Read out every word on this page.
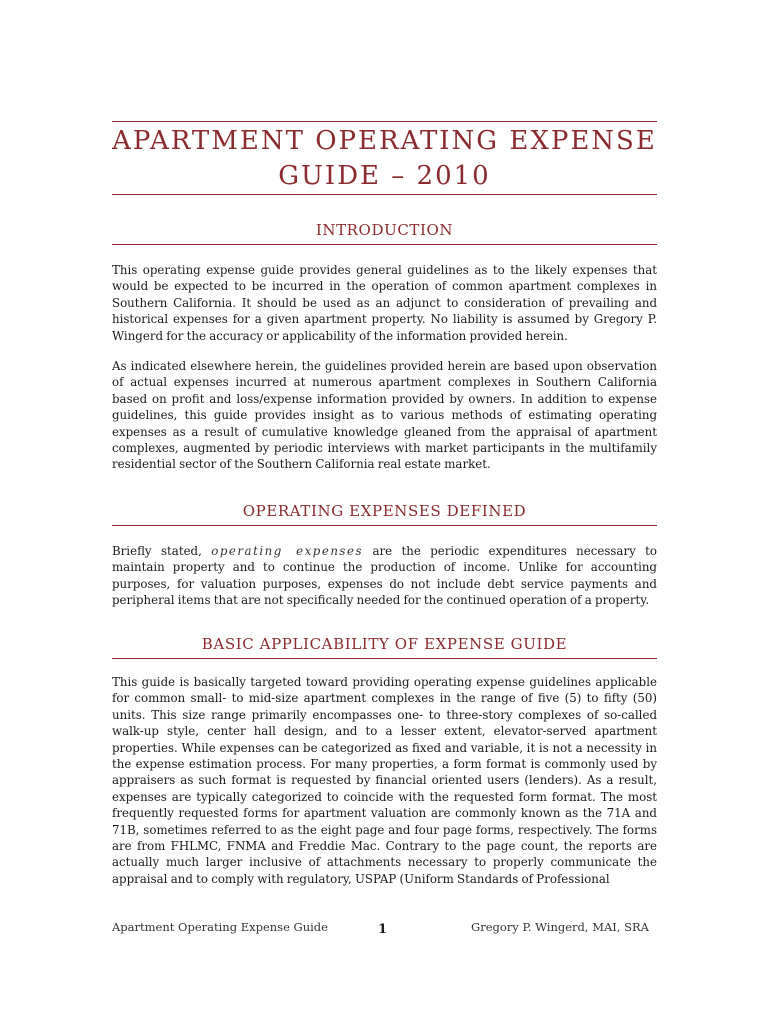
APARTMENT OPERATING EXPENSE GUIDE – 2010
INTRODUCTION

This operating expense guide provides general guidelines as to the likely expenses that would be expected to be incurred in the operation of common apartment complexes in Southern California. It should be used as an adjunct to consideration of prevailing and historical expenses for a given apartment property. No liability is assumed by Gregory P. Wingerd for the accuracy or applicability of the information provided herein.

As indicated elsewhere herein, the guidelines provided herein are based upon observation of actual expenses incurred at numerous apartment complexes in Southern California based on profit and loss/expense information provided by owners. In addition to expense guidelines, this guide provides insight as to various methods of estimating operating expenses as a result of cumulative knowledge gleaned from the appraisal of apartment complexes, augmented by periodic interviews with market participants in the multifamily residential sector of the Southern California real estate market.

OPERATING EXPENSES DEFINED

Briefly stated, operating expenses are the periodic expenditures necessary to maintain property and to continue the production of income. Unlike for accounting purposes, for valuation purposes, expenses do not include debt service payments and peripheral items that are not specifically needed for the continued operation of a property.

BASIC APPLICABILITY OF EXPENSE GUIDE

This guide is basically targeted toward providing operating expense guidelines applicable for common small- to mid-size apartment complexes in the range of five (5) to fifty (50) units. This size range primarily encompasses one- to three-story complexes of so-called walk-up style, center hall design, and to a lesser extent, elevator-served apartment properties. While expenses can be categorized as fixed and variable, it is not a necessity in the expense estimation process. For many properties, a form format is commonly used by appraisers as such format is requested by financial oriented users (lenders). As a result, expenses are typically categorized to coincide with the requested form format. The most frequently requested forms for apartment valuation are commonly known as the 71A and 71B, sometimes referred to as the eight page and four page forms, respectively. The forms are from FHLMC, FNMA and Freddie Mac. Contrary to the page count, the reports are actually much larger inclusive of attachments necessary to properly communicate the appraisal and to comply with regulatory, USPAP (Uniform Standards of Professional

Apartment Operating Expense Guide	1	Gregory P. Wingerd, MAI, SRA
